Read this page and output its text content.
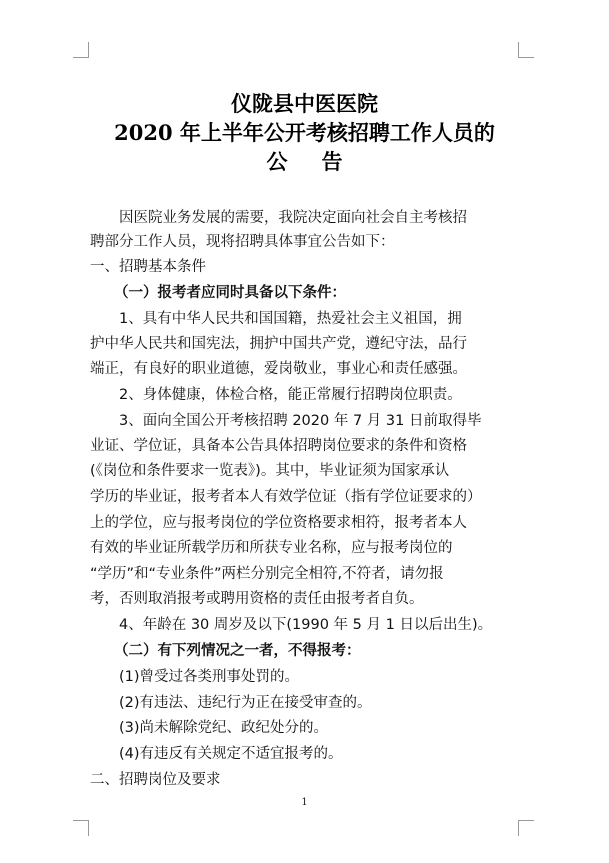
仪陇县中医医院
2020 年上半年公开考核招聘工作人员的
公告
因医院业务发展的需要，我院决定面向社会自主考核招
聘部分工作人员，现将招聘具体事宜公告如下：
一、招聘基本条件
（一）报考者应同时具备以下条件：
1、具有中华人民共和国国籍，热爱社会主义祖国，拥
护中华人民共和国宪法，拥护中国共产党，遵纪守法，品行
端正，有良好的职业道德，爱岗敬业，事业心和责任感强。
2、身体健康，体检合格，能正常履行招聘岗位职责。
3、面向全国公开考核招聘 2020 年 7 月 31 日前取得毕
业证、学位证，具备本公告具体招聘岗位要求的条件和资格
(《岗位和条件要求一览表》)。其中，毕业证须为国家承认
学历的毕业证，报考者本人有效学位证（指有学位证要求的）
上的学位，应与报考岗位的学位资格要求相符，报考者本人
有效的毕业证所载学历和所获专业名称，应与报考岗位的
“学历”和“专业条件”两栏分别完全相符,不符者，请勿报
考，否则取消报考或聘用资格的责任由报考者自负。
4、年龄在 30 周岁及以下(1990 年 5 月 1 日以后出生)。
（二）有下列情况之一者，不得报考：
(1)曾受过各类刑事处罚的。
(2)有违法、违纪行为正在接受审查的。
(3)尚未解除党纪、政纪处分的。
(4)有违反有关规定不适宜报考的。
二、招聘岗位及要求
1
